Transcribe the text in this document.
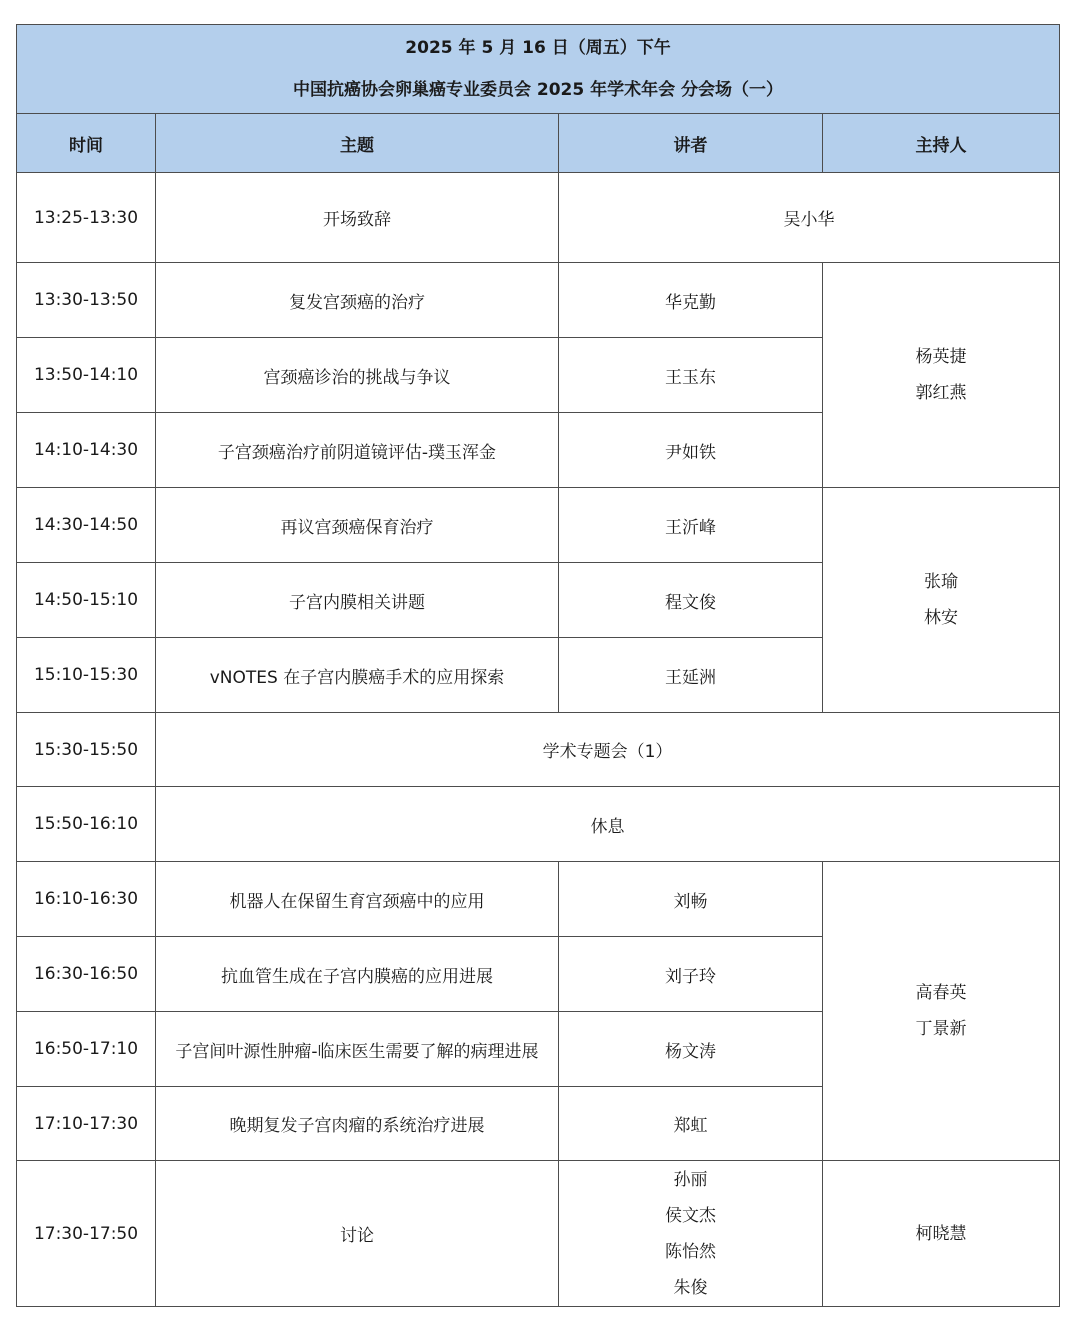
2025 年 5 月 16 日（周五）下午
中国抗癌协会卵巢癌专业委员会 2025 年学术年会 分会场（一）			

时间	主题	讲者	主持人
13:25-13:30	开场致辞	吴小华	
13:30-13:50	复发宫颈癌的治疗	华克勤	杨英捷
郭红燕

13:50-14:10	宫颈癌诊治的挑战与争议	王玉东	
14:10-14:30	子宫颈癌治疗前阴道镜评估-璞玉浑金	尹如铁	
14:30-14:50	再议宫颈癌保育治疗	王沂峰	张瑜
林安

14:50-15:10	子宫内膜相关讲题	程文俊	
15:10-15:30	vNOTES 在子宫内膜癌手术的应用探索	王延洲	
15:30-15:50	学术专题会（1）		
15:50-16:10	休息		
16:10-16:30	机器人在保留生育宫颈癌中的应用	刘畅	高春英
丁景新

16:30-16:50	抗血管生成在子宫内膜癌的应用进展	刘子玲	
16:50-17:10	子宫间叶源性肿瘤-临床医生需要了解的病理进展	杨文涛	
17:10-17:30	晚期复发子宫肉瘤的系统治疗进展	郑虹	
17:30-17:50	讨论	孙丽
侯文杰
陈怡然
朱俊	柯晓慧
